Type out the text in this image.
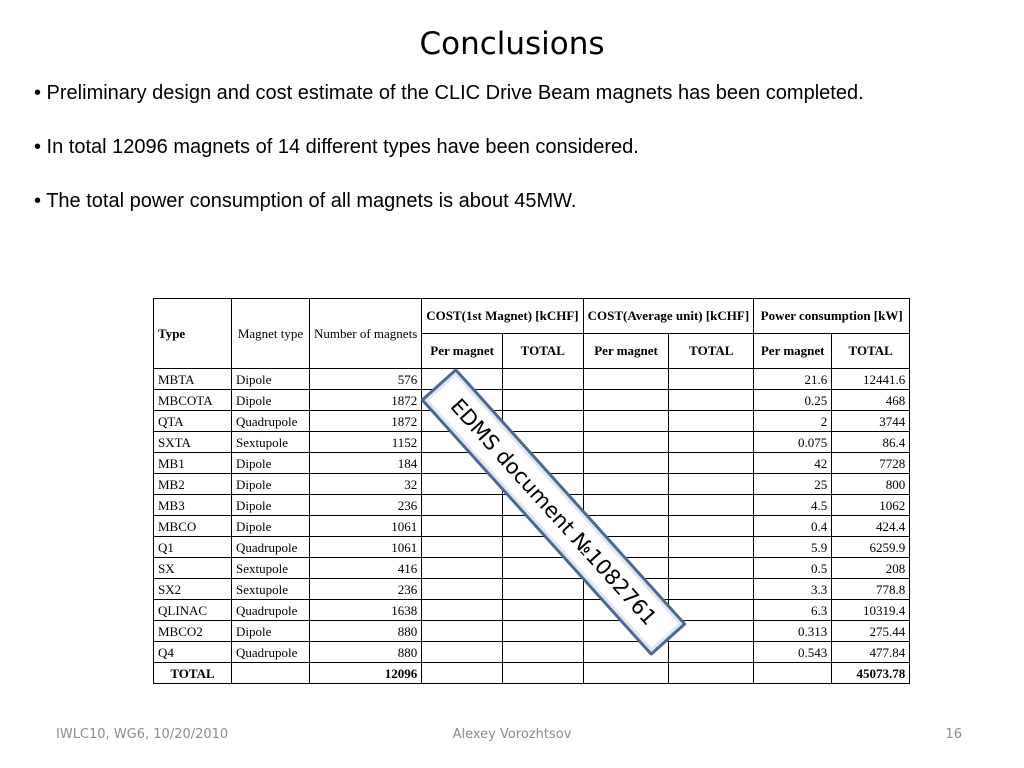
Conclusions
• Preliminary design and cost estimate of the CLIC Drive Beam magnets has been completed.
• In total 12096 magnets of 14 different types have been considered.
• The total power consumption of all magnets is about 45MW.
Type	Magnet type	Number of magnets	COST(1st Magnet) [kCHF]		COST(Average unit) [kCHF]		Power consumption [kW]	
			Per magnet	TOTAL	Per magnet	TOTAL	Per magnet	TOTAL
MBTA	Dipole	576					21.6	12441.6
MBCOTA	Dipole	1872					0.25	468
QTA	Quadrupole	1872					2	3744
SXTA	Sextupole	1152					0.075	86.4
MB1	Dipole	184					42	7728
MB2	Dipole	32					25	800
MB3	Dipole	236					4.5	1062
MBCO	Dipole	1061					0.4	424.4
Q1	Quadrupole	1061					5.9	6259.9
SX	Sextupole	416					0.5	208
SX2	Sextupole	236					3.3	778.8
QLINAC	Quadrupole	1638					6.3	10319.4
MBCO2	Dipole	880					0.313	275.44
Q4	Quadrupole	880					0.543	477.84
TOTAL		12096						45073.78
EDMS document №1082761
IWLC10, WG6, 10/20/2010	Alexey Vorozhtsov	16
